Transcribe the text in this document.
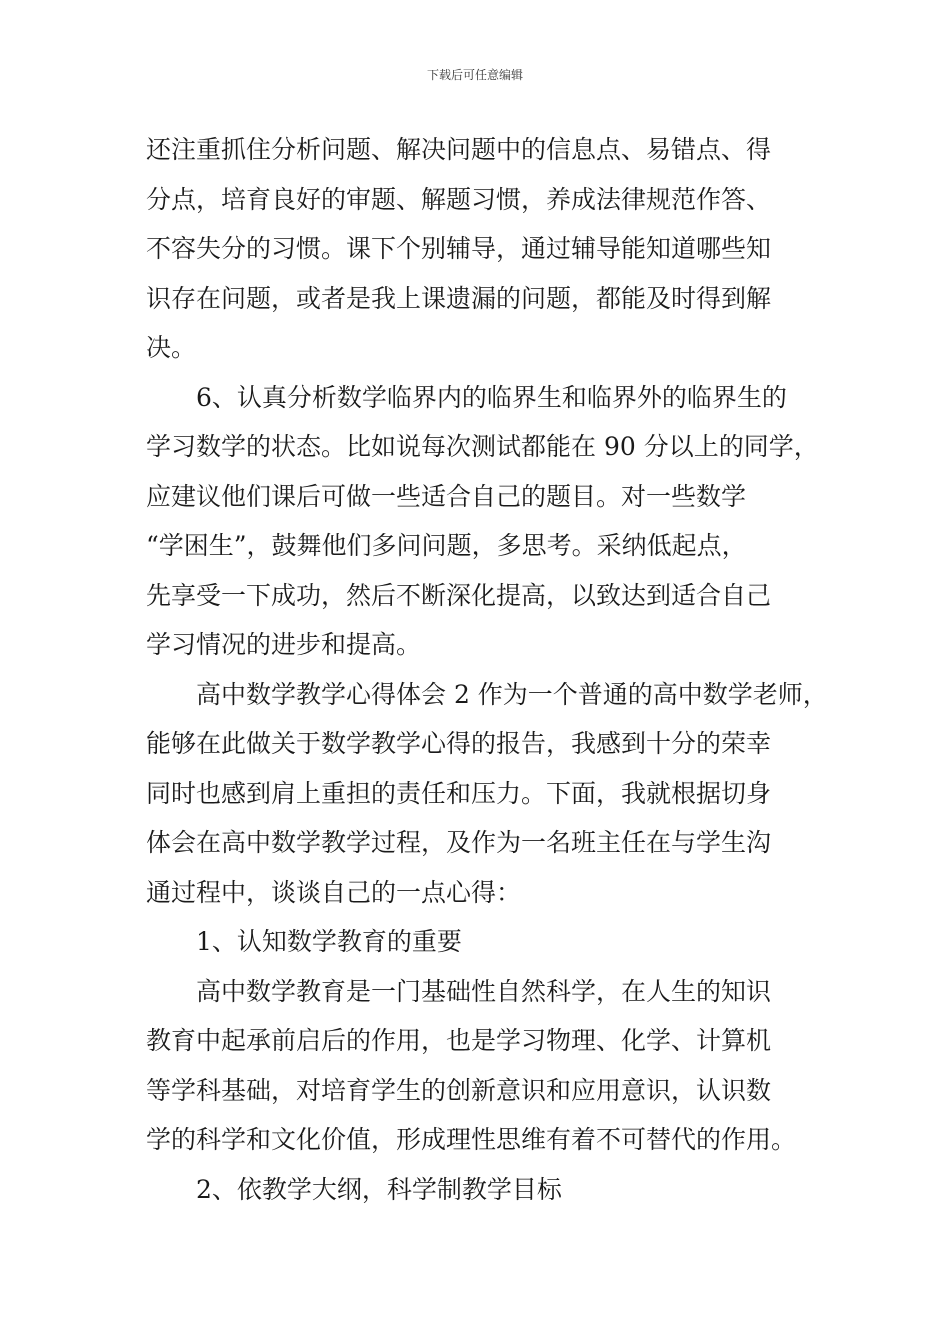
下载后可任意编辑

还注重抓住分析问题、解决问题中的信息点、易错点、得
分点，培育良好的审题、解题习惯，养成法律规范作答、
不容失分的习惯。课下个别辅导，通过辅导能知道哪些知
识存在问题，或者是我上课遗漏的问题，都能及时得到解
决。

6、认真分析数学临界内的临界生和临界外的临界生的
学习数学的状态。比如说每次测试都能在 90 分以上的同学，
应建议他们课后可做一些适合自己的题目。对一些数学
“学困生”，鼓舞他们多问问题，多思考。采纳低起点，
先享受一下成功，然后不断深化提高，以致达到适合自己
学习情况的进步和提高。

高中数学教学心得体会 2 作为一个普通的高中数学老师，
能够在此做关于数学教学心得的报告，我感到十分的荣幸
同时也感到肩上重担的责任和压力。下面，我就根据切身
体会在高中数学教学过程，及作为一名班主任在与学生沟
通过程中，谈谈自己的一点心得：

1、认知数学教育的重要

高中数学教育是一门基础性自然科学，在人生的知识
教育中起承前启后的作用，也是学习物理、化学、计算机
等学科基础，对培育学生的创新意识和应用意识，认识数
学的科学和文化价值，形成理性思维有着不可替代的作用。

2、依教学大纲，科学制教学目标
